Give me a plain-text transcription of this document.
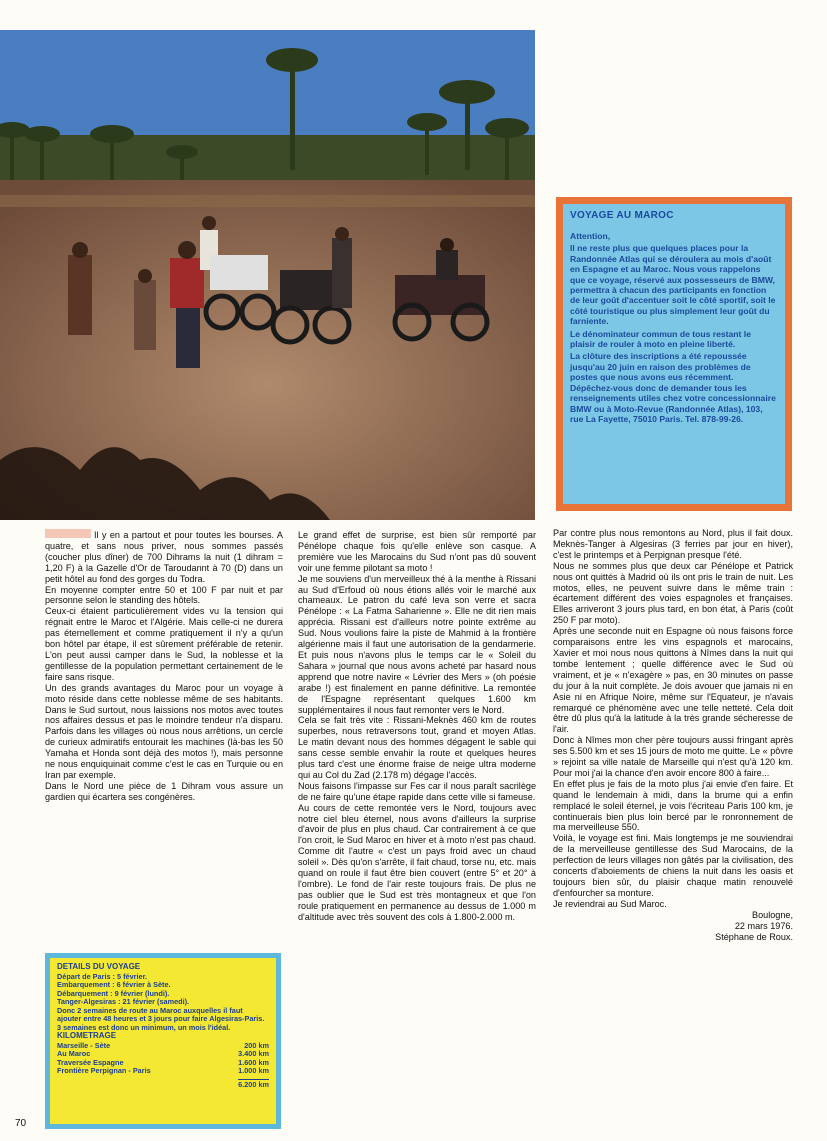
VOYAGE AU MAROC

Attention,

Il ne reste plus que quelques places pour la Randonnée Atlas qui se déroulera au mois d'août en Espagne et au Maroc. Nous vous rappelons que ce voyage, réservé aux possesseurs de BMW, permettra à chacun des participants en fonction de leur goût d'accentuer soit le côté sportif, soit le côté touristique ou plus simplement leur goût du farniente.

Le dénominateur commun de tous restant le plaisir de rouler à moto en pleine liberté.

La clôture des inscriptions a été repoussée jusqu'au 20 juin en raison des problèmes de postes que nous avons eus récemment. Dépêchez-vous donc de demander tous les renseignements utiles chez votre concessionnaire BMW ou à Moto-Revue (Randonnée Atlas), 103, rue La Fayette, 75010 Paris. Tel. 878-99-26.

Il y en a partout et pour toutes les bourses. A quatre, et sans nous priver, nous sommes passés (coucher plus dîner) de 700 Dihrams la nuit (1 dihram = 1,20 F) à la Gazelle d'Or de Taroudannt à 70 (D) dans un petit hôtel au fond des gorges du Todra.

En moyenne compter entre 50 et 100 F par nuit et par personne selon le standing des hôtels.

Ceux-ci étaient particulièrement vides vu la tension qui régnait entre le Maroc et l'Algérie. Mais celle-ci ne durera pas éternellement et comme pratiquement il n'y a qu'un bon hôtel par étape, il est sûrement préférable de retenir. L'on peut aussi camper dans le Sud, la noblesse et la gentillesse de la population permettant certainement de le faire sans risque.

Un des grands avantages du Maroc pour un voyage à moto réside dans cette noblesse même de ses habitants. Dans le Sud surtout, nous laissions nos motos avec toutes nos affaires dessus et pas le moindre tendeur n'a disparu. Parfois dans les villages où nous nous arrêtions, un cercle de curieux admiratifs entourait les machines (là-bas les 50 Yamaha et Honda sont déjà des motos !), mais personne ne nous enquiquinait comme c'est le cas en Turquie ou en Iran par exemple.

Dans le Nord une pièce de 1 Dihram vous assure un gardien qui écartera ses congénères.

Le grand effet de surprise, est bien sûr remporté par Pénélope chaque fois qu'elle enlève son casque. A première vue les Marocains du Sud n'ont pas dû souvent voir une femme pilotant sa moto !

Je me souviens d'un merveilleux thé à la menthe à Rissani au Sud d'Erfoud où nous étions allés voir le marché aux chameaux. Le patron du café leva son verre et sacra Pénélope : « La Fatma Saharienne ». Elle ne dit rien mais apprécia. Rissani est d'ailleurs notre pointe extrême au Sud. Nous voulions faire la piste de Mahmid à la frontière algérienne mais il faut une autorisation de la gendarmerie. Et puis nous n'avons plus le temps car le « Soleil du Sahara » journal que nous avons acheté par hasard nous apprend que notre navire « Lévrier des Mers » (oh poésie arabe !) est finalement en panne définitive. La remontée de l'Espagne représentant quelques 1.600 km supplémentaires il nous faut remonter vers le Nord.

Cela se fait très vite : Rissani-Meknès 460 km de routes superbes, nous retraversons tout, grand et moyen Atlas. Le matin devant nous des hommes dégagent le sable qui sans cesse semble envahir la route et quelques heures plus tard c'est une énorme fraise de neige ultra moderne qui au Col du Zad (2.178 m) dégage l'accès.

Nous faisons l'impasse sur Fes car il nous paraît sacrilège de ne faire qu'une étape rapide dans cette ville si fameuse.

Au cours de cette remontée vers le Nord, toujours avec notre ciel bleu éternel, nous avons d'ailleurs la surprise d'avoir de plus en plus chaud. Car contrairement à ce que l'on croit, le Sud Maroc en hiver et à moto n'est pas chaud. Comme dit l'autre « c'est un pays froid avec un chaud soleil ». Dès qu'on s'arrête, il fait chaud, torse nu, etc. mais quand on roule il faut être bien couvert (entre 5° et 20° à l'ombre). Le fond de l'air reste toujours frais. De plus ne pas oublier que le Sud est très montagneux et que l'on roule pratiquement en permanence au dessus de 1.000 m d'altitude avec très souvent des cols à 1.800-2.000 m.

Par contre plus nous remontons au Nord, plus il fait doux. Meknès-Tanger à Algesiras (3 ferries par jour en hiver), c'est le printemps et à Perpignan presque l'été.

Nous ne sommes plus que deux car Pénélope et Patrick nous ont quittés à Madrid où ils ont pris le train de nuit. Les motos, elles, ne peuvent suivre dans le même train : écartement différent des voies espagnoles et françaises. Elles arriveront 3 jours plus tard, en bon état, à Paris (coût 250 F par moto).

Après une seconde nuit en Espagne où nous faisons force comparaisons entre les vins espagnols et marocains, Xavier et moi nous nous quittons à Nîmes dans la nuit qui tombe lentement ; quelle différence avec le Sud où vraiment, et je « n'exagère » pas, en 30 minutes on passe du jour à la nuit complète. Je dois avouer que jamais ni en Asie ni en Afrique Noire, même sur l'Equateur, je n'avais remarqué ce phénomène avec une telle netteté. Cela doit être dû plus qu'à la latitude à la très grande sécheresse de l'air.

Donc à Nîmes mon cher père toujours aussi fringant après ses 5.500 km et ses 15 jours de moto me quitte. Le « pôvre » rejoint sa ville natale de Marseille qui n'est qu'à 120 km. Pour moi j'ai la chance d'en avoir encore 800 à faire...

En effet plus je fais de la moto plus j'ai envie d'en faire. Et quand le lendemain à midi, dans la brume qui a enfin remplacé le soleil éternel, je vois l'écriteau Paris 100 km, je continuerais bien plus loin bercé par le ronronnement de ma merveilleuse 550.

Voilà, le voyage est fini. Mais longtemps je me souviendrai de la merveilleuse gentillesse des Sud Marocains, de la perfection de leurs villages non gâtés par la civilisation, des concerts d'aboiements de chiens la nuit dans les oasis et toujours bien sûr, du plaisir chaque matin renouvelé d'enfourcher sa monture.

Je reviendrai au Sud Maroc.

Boulogne,

22 mars 1976.

Stéphane de Roux.

DETAILS DU VOYAGE
Départ de Paris : 5 février.
Embarquement : 6 février à Sète.
Débarquement : 9 février (lundi).
Tanger-Algesiras : 21 février (samedi).
Donc 2 semaines de route au Maroc auxquelles il faut ajouter entre 48 heures et 3 jours pour faire Algesiras-Paris.
3 semaines est donc un minimum, un mois l'idéal.
KILOMETRAGE
Marseille - Sète	200 km
Au Maroc	3.400 km
Traversée Espagne	1.600 km
Frontière Perpignan - Paris	1.000 km
6.200 km
70
